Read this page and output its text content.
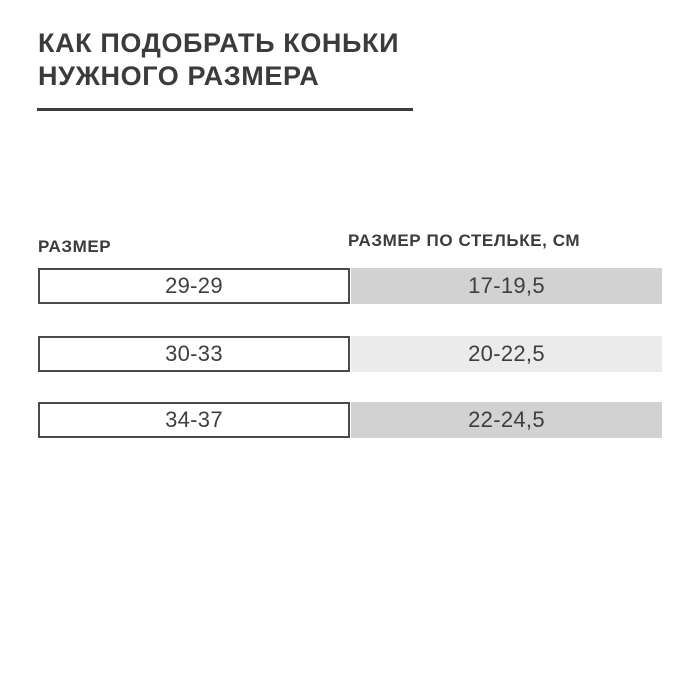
КАК ПОДОБРАТЬ КОНЬКИ
НУЖНОГО РАЗМЕРА
РАЗМЕР	РАЗМЕР ПО СТЕЛЬКЕ, СМ
29-29	17-19,5
30-33	20-22,5
34-37	22-24,5
